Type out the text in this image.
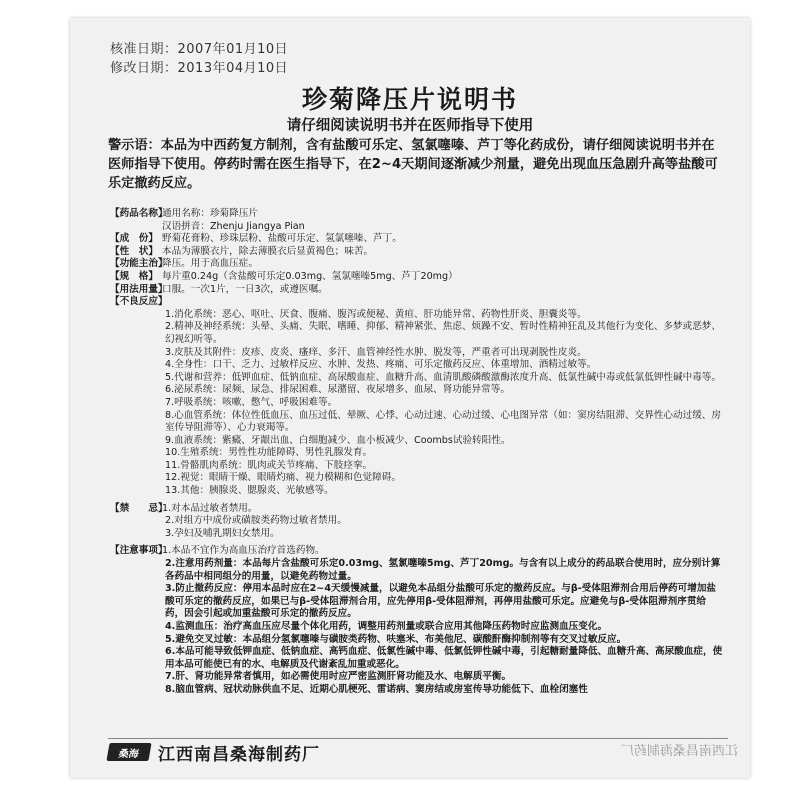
核准日期：2007年01月10日
修改日期：2013年04月10日
珍菊降压片说明书
请仔细阅读说明书并在医师指导下使用
警示语：本品为中西药复方制剂，含有盐酸可乐定、氢氯噻嗪、芦丁等化药成份，请仔细阅读说明书并在医师指导下使用。停药时需在医生指导下，在2~4天期间逐渐减少剂量，避免出现血压急剧升高等盐酸可乐定撤药反应。
【药品名称】
通用名称：珍菊降压片
汉语拼音：Zhenju Jiangya Pian
【成　份】 野菊花膏粉、珍珠层粉、盐酸可乐定、氢氯噻嗪、芦丁。
【性　状】 本品为薄膜衣片，除去薄膜衣后显黄褐色；味苦。
【功能主治】
降压。用于高血压症。
【规　格】 每片重0.24g（含盐酸可乐定0.03mg、氢氯噻嗪5mg、芦丁20mg）
【用法用量】
口服。一次1片，一日3次，或遵医嘱。
【不良反应】
1.消化系统：恶心、呕吐、厌食、腹痛、腹泻或便秘、黄疸、肝功能异常、药物性肝炎、胆囊炎等。
2.精神及神经系统：头晕、头痛、失眠、嗜睡、抑郁、精神紧张、焦虑、烦躁不安、暂时性精神狂乱及其他行为变化、多梦或恶梦、幻视幻听等。
3.皮肤及其附件：皮疹、皮炎、瘙痒、多汗、血管神经性水肿、脱发等，严重者可出现剥脱性皮炎。
4.全身性：口干、乏力、过敏样反应、水肿、发热、疼痛、可乐定撤药反应、体重增加、酒精过敏等。
5.代谢和营养：低钾血症、低钠血症、高尿酸血症、血糖升高、血清肌酸磷酸激酶浓度升高、低氯性碱中毒或低氯低钾性碱中毒等。
6.泌尿系统：尿频、尿急、排尿困难、尿潴留、夜尿增多、血尿、肾功能异常等。
7.呼吸系统：咳嗽、憋气、呼吸困难等。
8.心血管系统：体位性低血压、血压过低、晕厥、心悸、心动过速、心动过缓、心电图异常（如：窦房结阻滞、交界性心动过缓、房室传导阻滞等）、心力衰竭等。
9.血液系统：紫癜、牙龈出血、白细胞减少、血小板减少、Coombs试验转阳性。
10.生殖系统：男性性功能障碍、男性乳腺发育。
11.骨骼肌肉系统：肌肉或关节疼痛、下肢痉挛。
12.视觉：眼睛干燥、眼睛灼痛、视力模糊和色觉障碍。
13.其他：胰腺炎、腮腺炎、光敏感等。
【禁　　忌】
1.对本品过敏者禁用。
2.对组方中成份或磺胺类药物过敏者禁用。
3.孕妇及哺乳期妇女禁用。
【注意事项】
1.本品不宜作为高血压治疗首选药物。
2.注意用药剂量：本品每片含盐酸可乐定0.03mg、氢氯噻嗪5mg、芦丁20mg。与含有以上成分的药品联合使用时，应分别计算各药品中相同组分的用量，以避免药物过量。
3.防止撤药反应：停用本品时应在2~4天缓慢减量，以避免本品组分盐酸可乐定的撤药反应。与β-受体阻滞剂合用后停药可增加盐酸可乐定的撤药反应，如果已与β-受体阻滞剂合用，应先停用β-受体阻滞剂，再停用盐酸可乐定。应避免与β-受体阻滞剂序贯给药，因会引起或加重盐酸可乐定的撤药反应。
4.监测血压：治疗高血压应尽量个体化用药，调整用药剂量或联合应用其他降压药物时应监测血压变化。
5.避免交叉过敏：本品组分氢氯噻嗪与磺胺类药物、呋塞米、布美他尼、碳酸酐酶抑制剂等有交叉过敏反应。
6.本品可能导致低钾血症、低钠血症、高钙血症、低氯性碱中毒、低氯低钾性碱中毒，引起糖耐量降低、血糖升高、高尿酸血症，使用本品可能使已有的水、电解质及代谢紊乱加重或恶化。
7.肝、肾功能异常者慎用，如必需使用时应严密监测肝肾功能及水、电解质平衡。
8.脑血管病、冠状动脉供血不足、近期心肌梗死、雷诺病、窦房结或房室传导功能低下、血栓闭塞性
桑海	江西南昌桑海制药厂	江西南昌桑海制药厂
